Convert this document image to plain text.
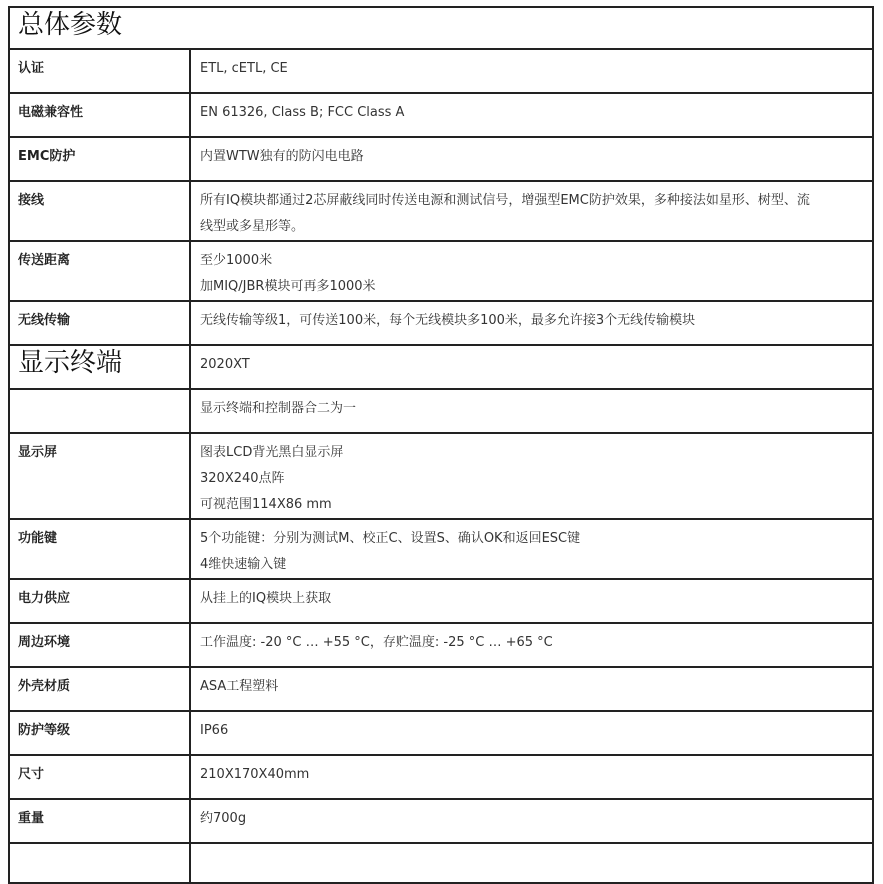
总体参数	

认证	ETL, cETL, CE

电磁兼容性	EN 61326, Class B; FCC Class A

EMC防护	内置WTW独有的防闪电电路

接线	所有IQ模块都通过2芯屏蔽线同时传送电源和测试信号，增强型EMC防护效果，多种接法如星形、树型、流
线型或多星形等。

传送距离	至少1000米
加MIQ/JBR模块可再多1000米

无线传输	无线传输等级1，可传送100米，每个无线模块多100米，最多允许接3个无线传输模块

显示终端	2020XT

	显示终端和控制器合二为一

显示屏	图表LCD背光黑白显示屏
320X240点阵
可视范围114X86 mm

功能键	5个功能键：分别为测试M、校正C、设置S、确认OK和返回ESC键
4维快速输入键

电力供应	从挂上的IQ模块上获取

周边环境	工作温度: -20 °C … +55 °C，存贮温度: -25 °C … +65 °C

外壳材质	ASA工程塑料

防护等级	IP66

尺寸	210X170X40mm

重量	约700g
